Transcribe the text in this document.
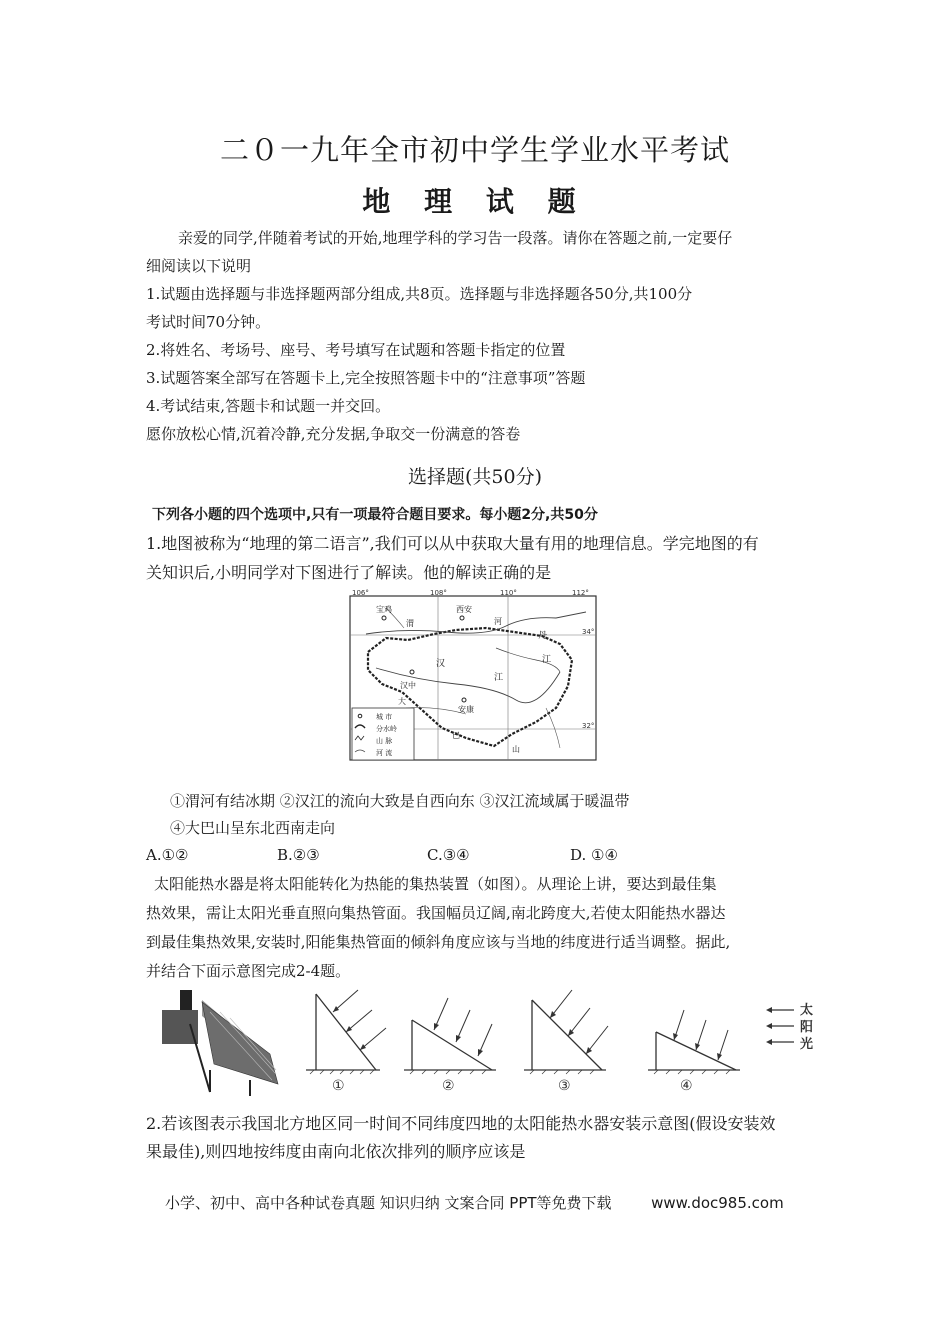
二０一九年全市初中学生学业水平考试
地 理 试 题
亲爱的同学,伴随着考试的开始,地理学科的学习告一段落。请你在答题之前,一定要仔
细阅读以下说明
1.试题由选择题与非选择题两部分组成,共8页。选择题与非选择题各50分,共100分
考试时间70分钟。
2.将姓名、考场号、座号、考号填写在试题和答题卡指定的位置
3.试题答案全部写在答题卡上,完全按照答题卡中的“注意事项”答题
4.考试结束,答题卡和试题一并交回。
愿你放松心情,沉着冷静,充分发据,争取交一份满意的答卷
选择题(共50分)
下列各小题的四个选项中,只有一项最符合题目要求。每小题2分,共50分
1.地图被称为“地理的第二语言”,我们可以从中获取大量有用的地理信息。学完地图的有
关知识后,小明同学对下图进行了解读。他的解读正确的是
106°	108°	110°	112°
34°
32°
宝鸡
渭
西安
河
汉中
安康
汉
江
丹
江
大
巴
山
城 市
分水岭
山 脉
河 流
①渭河有结冰期 ②汉江的流向大致是自西向东 ③汉江流域属于暖温带
④大巴山呈东北西南走向
A.①②	B.②③	C.③④	D. ①④
太阳能热水器是将太阳能转化为热能的集热装置（如图）。从理论上讲，要达到最佳集
热效果，需让太阳光垂直照向集热管面。我国幅员辽阔,南北跨度大,若使太阳能热水器达
到最佳集热效果,安装时,阳能集热管面的倾斜角度应该与当地的纬度进行适当调整。据此,
并结合下面示意图完成2-4题。
太
阳
光
①	②	③	④
2.若该图表示我国北方地区同一时间不同纬度四地的太阳能热水器安装示意图(假设安装效
果最佳),则四地按纬度由南向北依次排列的顺序应该是
小学、初中、高中各种试卷真题 知识归纳 文案合同 PPT等免费下载	www.doc985.com
